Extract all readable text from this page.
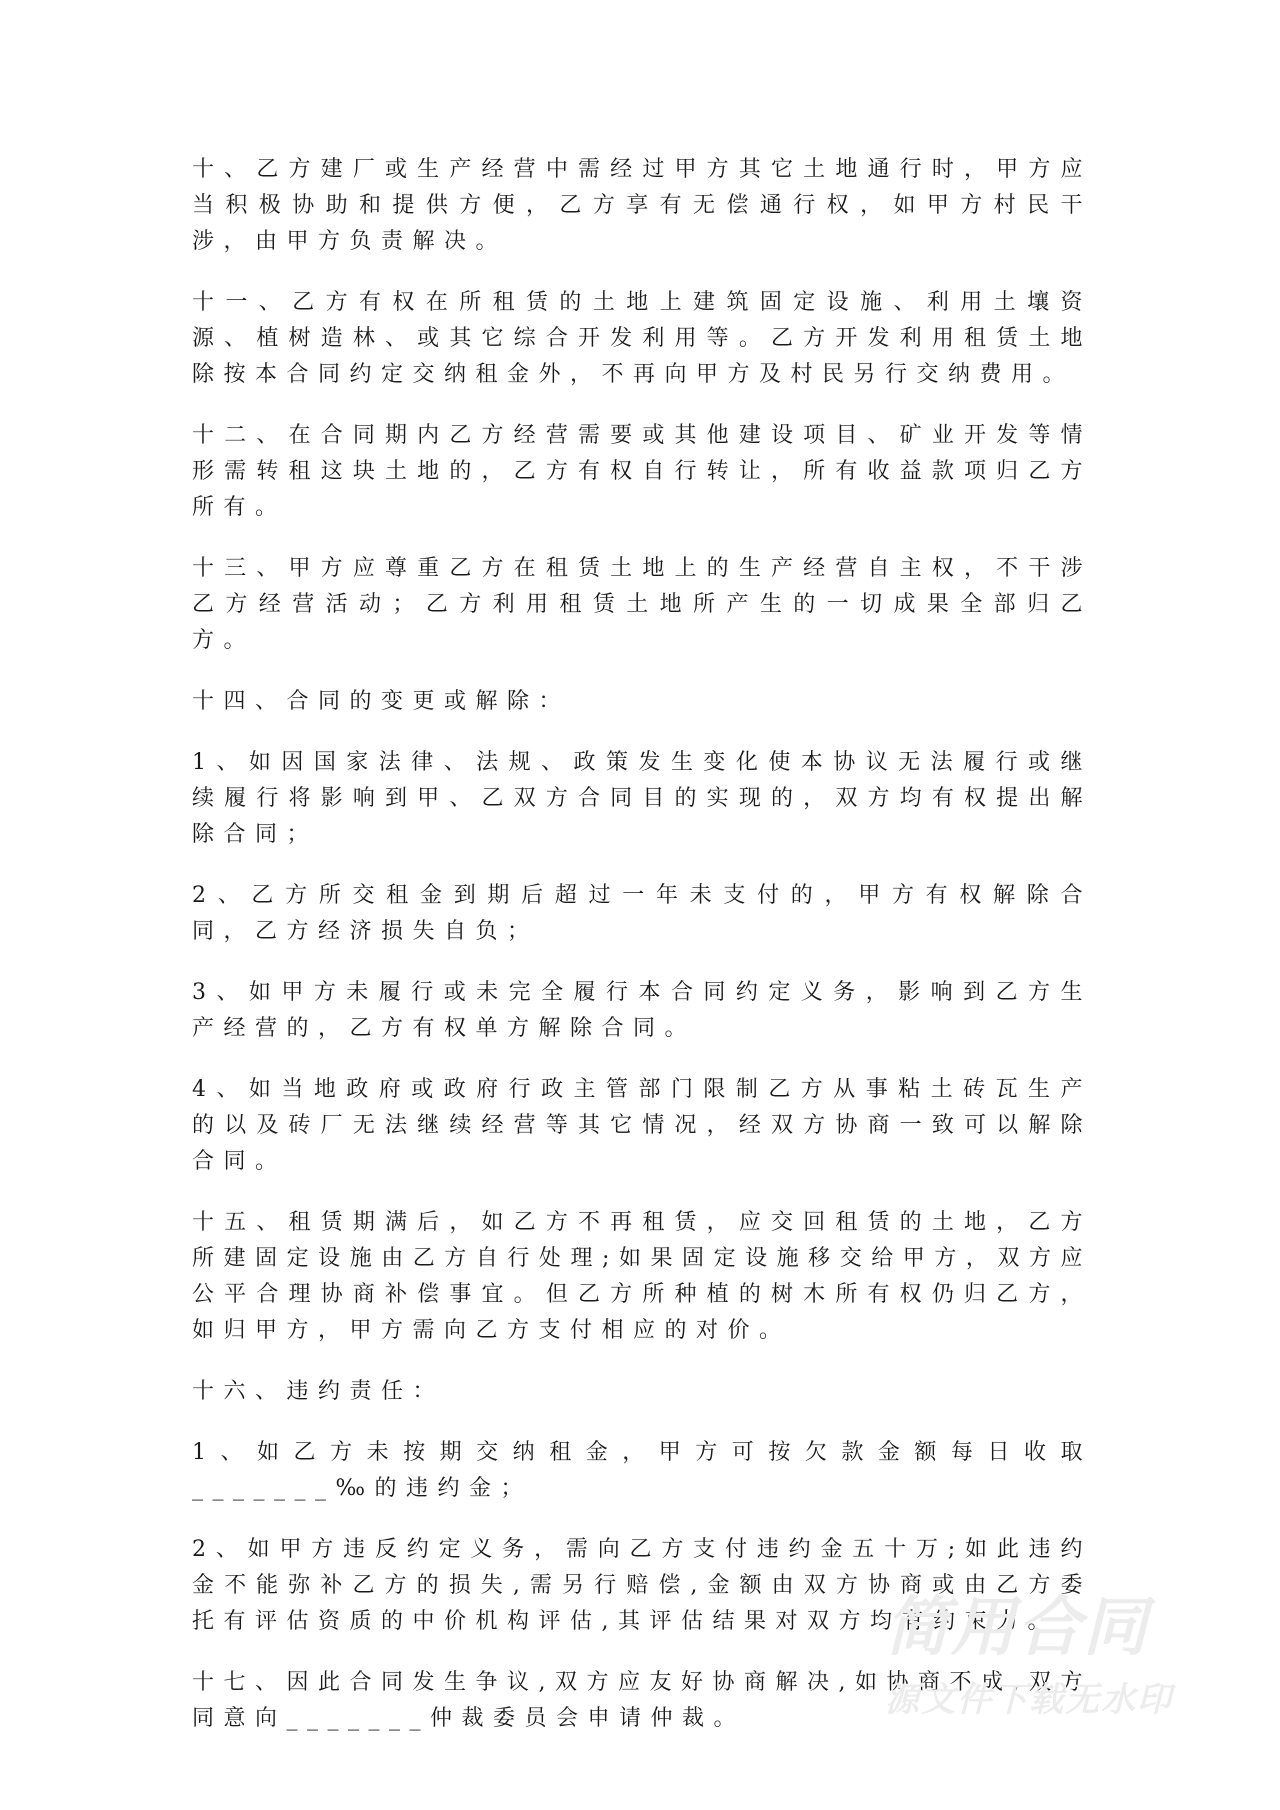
十、乙方建厂或生产经营中需经过甲方其它土地通行时，甲方应当积极协助和提供方便，乙方享有无偿通行权，如甲方村民干涉，由甲方负责解决。

十一、乙方有权在所租赁的土地上建筑固定设施、利用土壤资源、植树造林、或其它综合开发利用等。乙方开发利用租赁土地除按本合同约定交纳租金外，不再向甲方及村民另行交纳费用。

十二、在合同期内乙方经营需要或其他建设项目、矿业开发等情形需转租这块土地的，乙方有权自行转让，所有收益款项归乙方所有。

十三、甲方应尊重乙方在租赁土地上的生产经营自主权，不干涉乙方经营活动；乙方利用租赁土地所产生的一切成果全部归乙方。

十四、合同的变更或解除：

1、如因国家法律、法规、政策发生变化使本协议无法履行或继续履行将影响到甲、乙双方合同目的实现的，双方均有权提出解除合同；

2、乙方所交租金到期后超过一年未支付的，甲方有权解除合同，乙方经济损失自负；

3、如甲方未履行或未完全履行本合同约定义务，影响到乙方生产经营的，乙方有权单方解除合同。

4、如当地政府或政府行政主管部门限制乙方从事粘土砖瓦生产的以及砖厂无法继续经营等其它情况，经双方协商一致可以解除合同。

十五、租赁期满后，如乙方不再租赁，应交回租赁的土地，乙方所建固定设施由乙方自行处理;如果固定设施移交给甲方，双方应公平合理协商补偿事宜。但乙方所种植的树木所有权仍归乙方，如归甲方，甲方需向乙方支付相应的对价。

十六、违约责任：

1、如乙方未按期交纳租金，甲方可按欠款金额每日收取_______‰的违约金；

2、如甲方违反约定义务，需向乙方支付违约金五十万;如此违约金不能弥补乙方的损失,需另行赔偿,金额由双方协商或由乙方委托有评估资质的中价机构评估,其评估结果对双方均有约束力。

十七、因此合同发生争议,双方应友好协商解决,如协商不成,双方同意向_______仲裁委员会申请仲裁。

简用合同
源文件下载无水印
